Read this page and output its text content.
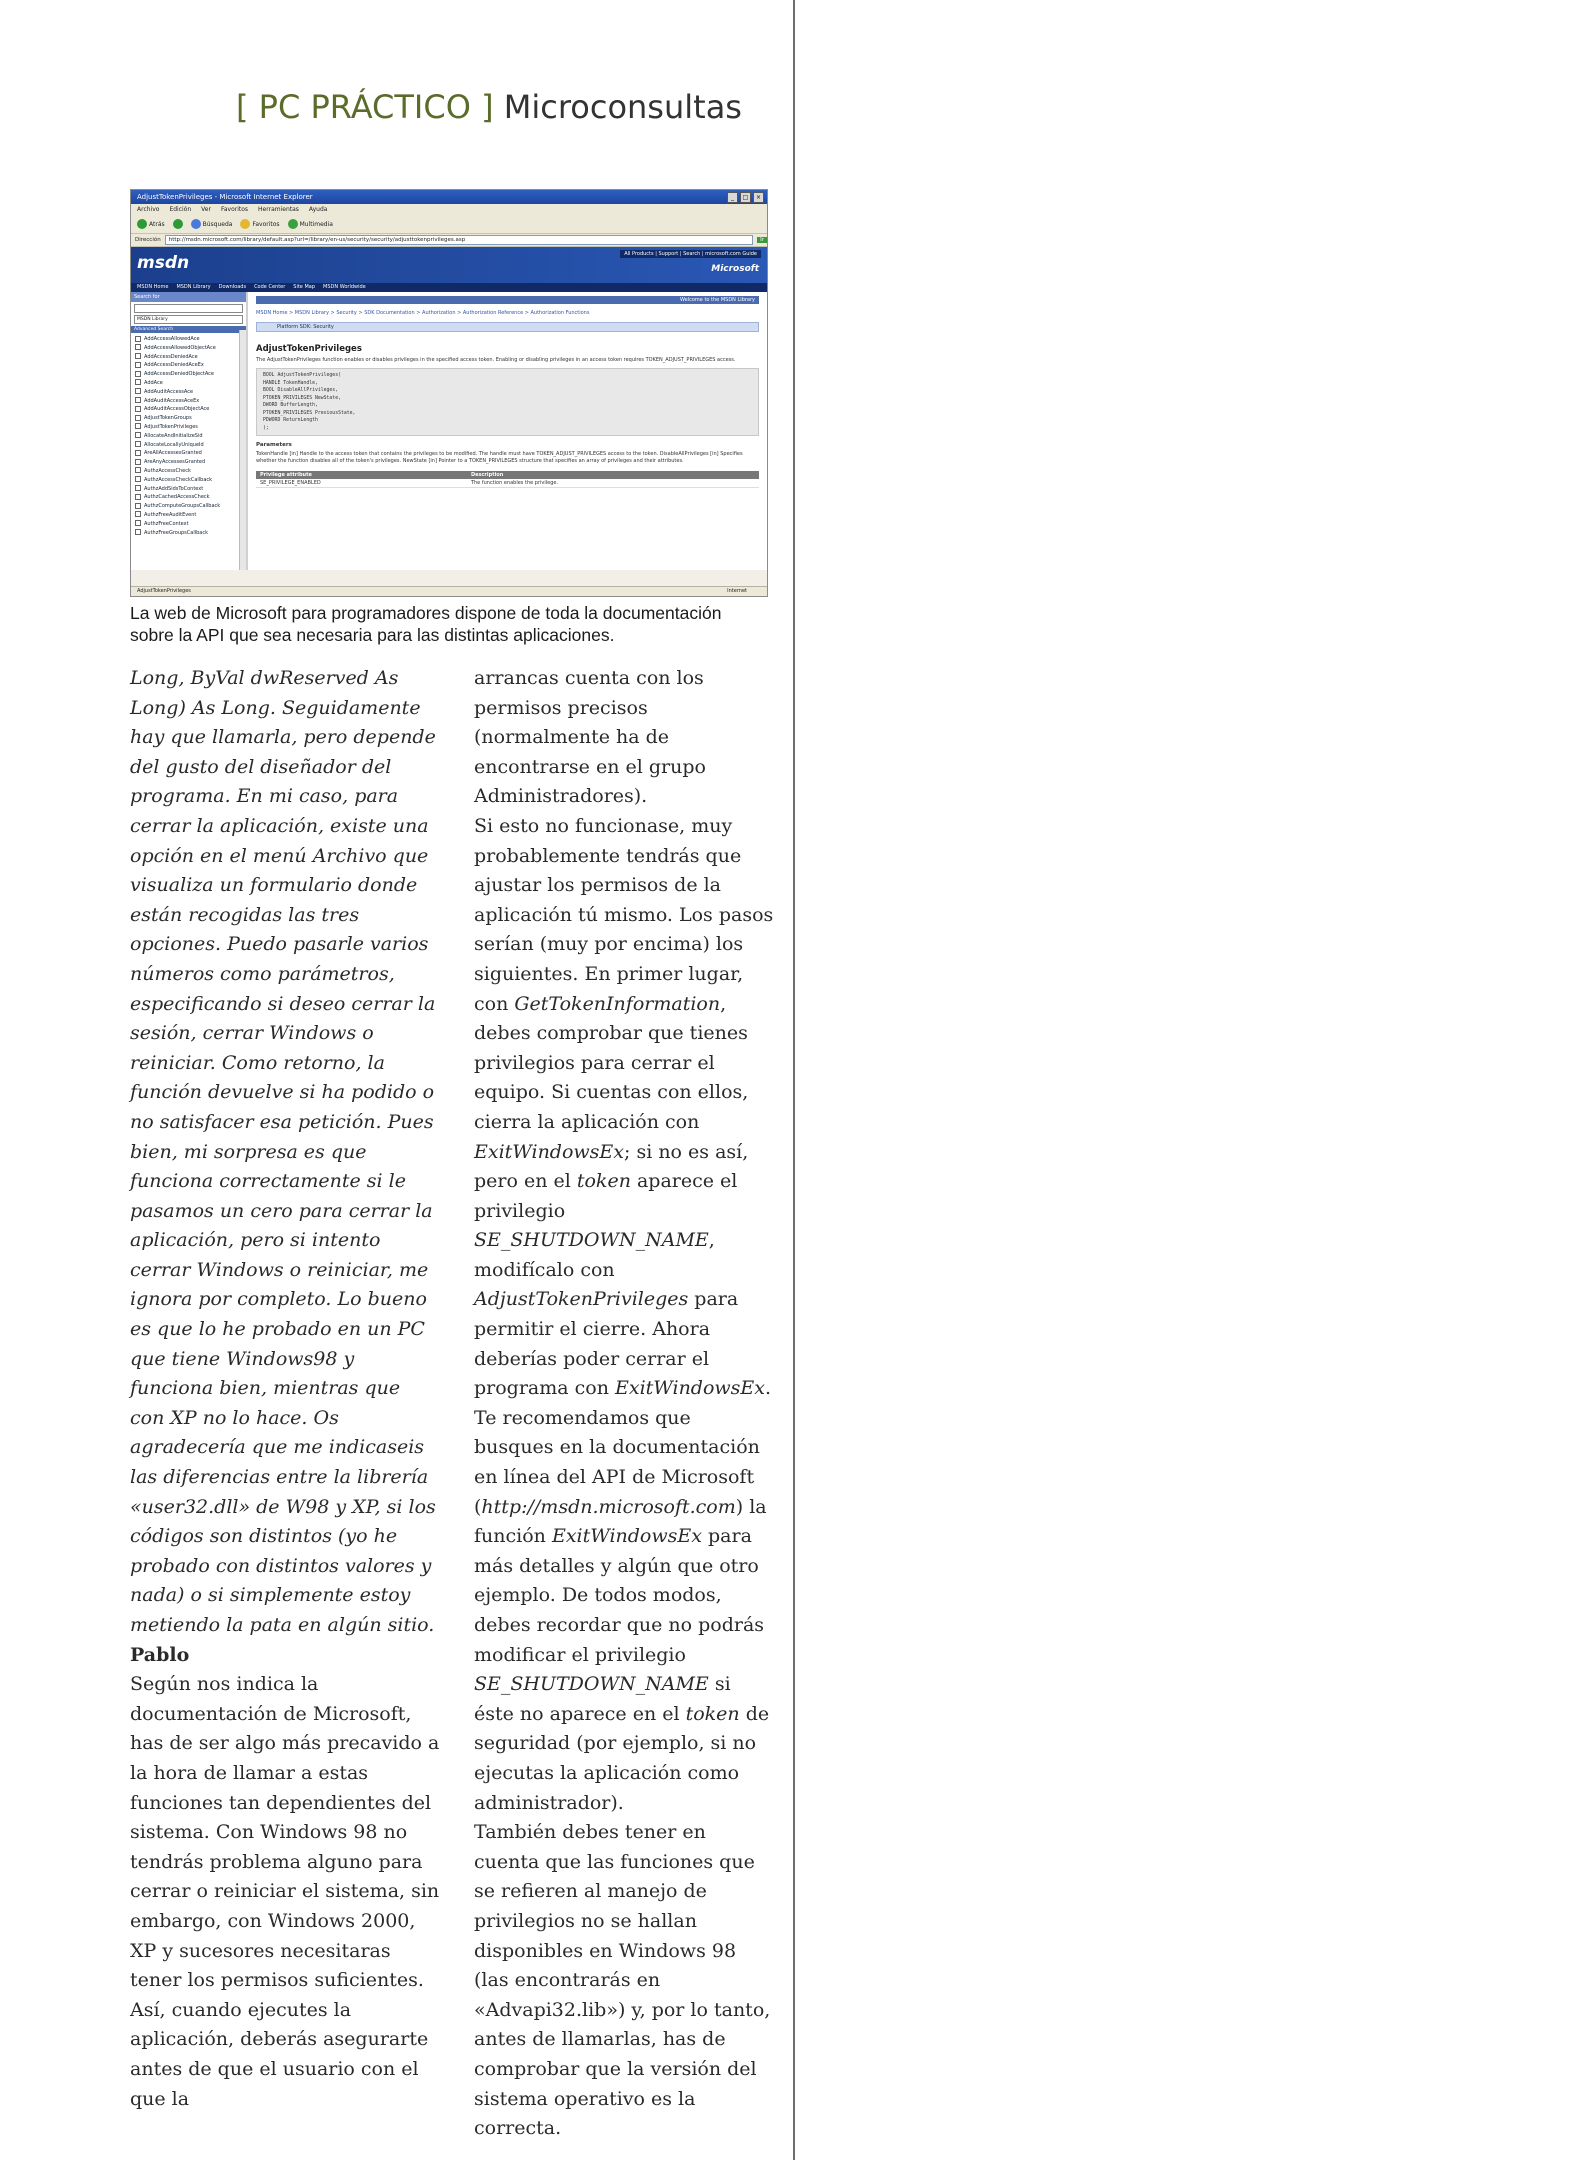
[ PC PRÁCTICO ] Microconsultas
AdjustTokenPrivileges - Microsoft Internet Explorer	_	□	×
Archivo Edición Ver Favoritos Herramientas Ayuda
Atrás	Búsqueda	Favoritos	Multimedia
Dirección	http://msdn.microsoft.com/library/default.asp?url=/library/en-us/security/security/adjusttokenprivileges.asp	Ir
msdn	All Products | Support | Search | microsoft.com Guide
Microsoft
MSDN Home MSDN Library Downloads Code Center Site Map MSDN Worldwide
Search for
MSDN Library
Advanced Search
AddAccessAllowedAce
AddAccessAllowedObjectAce
AddAccessDeniedAce
AddAccessDeniedAceEx
AddAccessDeniedObjectAce
AddAce
AddAuditAccessAce
AddAuditAccessAceEx
AddAuditAccessObjectAce
AdjustTokenGroups
AdjustTokenPrivileges
AllocateAndInitializeSid
AllocateLocallyUniqueId
AreAllAccessesGranted
AreAnyAccessesGranted
AuthzAccessCheck
AuthzAccessCheckCallback
AuthzAddSidsToContext
AuthzCachedAccessCheck
AuthzComputeGroupsCallback
AuthzFreeAuditEvent
AuthzFreeContext
AuthzFreeGroupsCallback
Welcome to the MSDN Library
MSDN Home > MSDN Library > Security > SDK Documentation > Authorization > Authorization Reference > Authorization Functions
Platform SDK: Security
AdjustTokenPrivileges

The AdjustTokenPrivileges function enables or disables privileges in the specified access token. Enabling or disabling privileges in an access token requires TOKEN_ADJUST_PRIVILEGES access.

BOOL AdjustTokenPrivileges(
HANDLE TokenHandle,
BOOL DisableAllPrivileges,
PTOKEN_PRIVILEGES NewState,
DWORD BufferLength,
PTOKEN_PRIVILEGES PreviousState,
PDWORD ReturnLength
);
Parameters

TokenHandle [in] Handle to the access token that contains the privileges to be modified. The handle must have TOKEN_ADJUST_PRIVILEGES access to the token. DisableAllPrivileges [in] Specifies whether the function disables all of the token's privileges. NewState [in] Pointer to a TOKEN_PRIVILEGES structure that specifies an array of privileges and their attributes.

Privilege attribute	Description
SE_PRIVILEGE_ENABLED	The function enables the privilege.
AdjustTokenPrivileges	Internet
La web de Microsoft para programadores dispone de toda la documentación sobre la API que sea necesaria para las distintas aplicaciones.

Long, ByVal dwReserved As Long) As Long. Seguidamente hay que llamarla, pero depende del gusto del diseñador del programa. En mi caso, para cerrar la aplicación, existe una opción en el menú Archivo que visualiza un formulario donde están recogidas las tres opciones. Puedo pasarle varios números como parámetros, especificando si deseo cerrar la sesión, cerrar Windows o reiniciar. Como retorno, la función devuelve si ha podido o no satisfacer esa petición. Pues bien, mi sorpresa es que funciona correctamente si le pasamos un cero para cerrar la aplicación, pero si intento cerrar Windows o reiniciar, me ignora por completo. Lo bueno es que lo he probado en un PC que tiene Windows98 y funciona bien, mientras que con XP no lo hace. Os agradecería que me indicaseis las diferencias entre la librería «user32.dll» de W98 y XP, si los códigos son distintos (yo he probado con distintos valores y nada) o si simplemente estoy metiendo la pata en algún sitio.

Pablo

Según nos indica la documentación de Microsoft, has de ser algo más precavido a la hora de llamar a estas funciones tan dependientes del sistema. Con Windows 98 no tendrás problema alguno para cerrar o reiniciar el sistema, sin embargo, con Windows 2000, XP y sucesores necesitaras tener los permisos suficientes. Así, cuando ejecutes la aplicación, deberás asegurarte antes de que el usuario con el que la

arrancas cuenta con los permisos precisos (normalmente ha de encontrarse en el grupo Administradores).

Si esto no funcionase, muy probablemente tendrás que ajustar los permisos de la aplicación tú mismo. Los pasos serían (muy por encima) los siguientes. En primer lugar, con GetTokenInformation, debes comprobar que tienes privilegios para cerrar el equipo. Si cuentas con ellos, cierra la aplicación con ExitWindowsEx; si no es así, pero en el token aparece el privilegio SE_SHUTDOWN_NAME, modifícalo con AdjustTokenPrivileges para permitir el cierre. Ahora deberías poder cerrar el programa con ExitWindowsEx.

Te recomendamos que busques en la documentación en línea del API de Microsoft (http://msdn.microsoft.com) la función ExitWindowsEx para más detalles y algún que otro ejemplo. De todos modos, debes recordar que no podrás modificar el privilegio SE_SHUTDOWN_NAME si éste no aparece en el token de seguridad (por ejemplo, si no ejecutas la aplicación como administrador).

También debes tener en cuenta que las funciones que se refieren al manejo de privilegios no se hallan disponibles en Windows 98 (las encontrarás en «Advapi32.lib») y, por lo tanto, antes de llamarlas, has de comprobar que la versión del sistema operativo es la correcta.
